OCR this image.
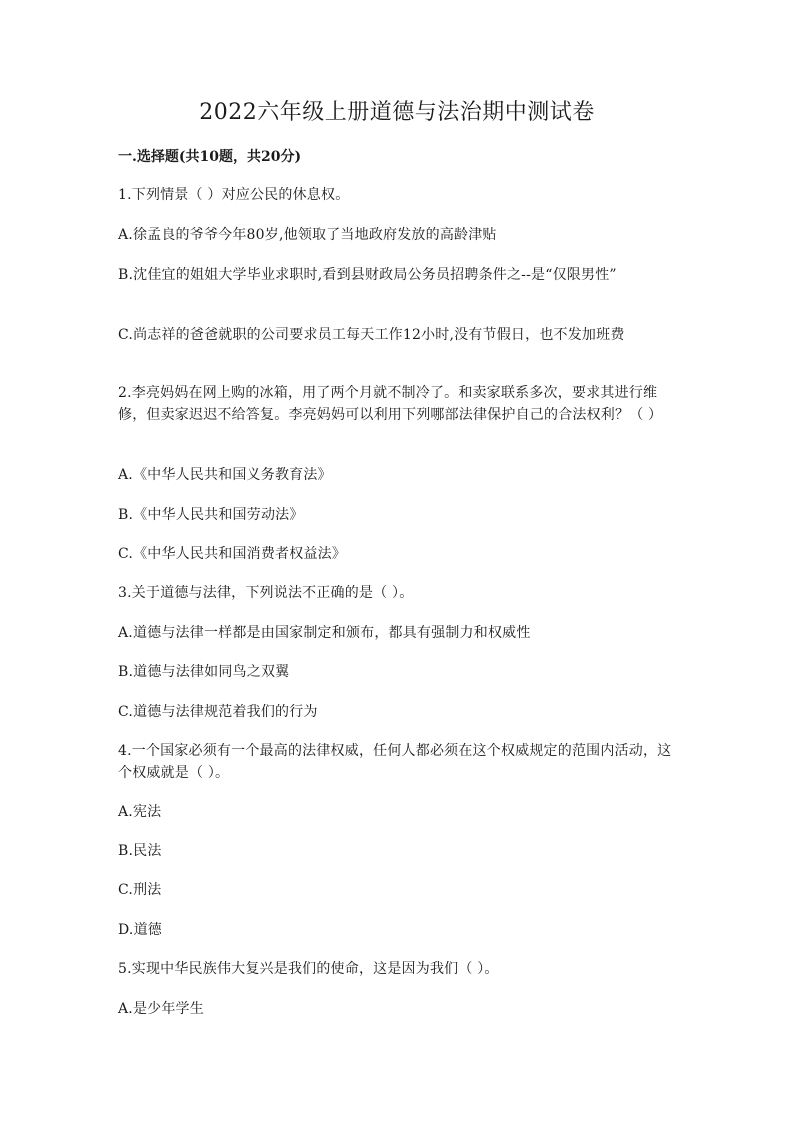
2022六年级上册道德与法治期中测试卷
一.选择题(共10题，共20分)
1.下列情景（ ）对应公民的休息权。
A.徐孟良的爷爷今年80岁,他领取了当地政府发放的高龄津贴
B.沈佳宜的姐姐大学毕业求职时,看到县财政局公务员招聘条件之--是“仅限男性”
C.尚志祥的爸爸就职的公司要求员工每天工作12小时,没有节假日，也不发加班费
2.李亮妈妈在网上购的冰箱，用了两个月就不制冷了。和卖家联系多次，要求其进行维修，但卖家迟迟不给答复。李亮妈妈可以利用下列哪部法律保护自己的合法权利？（ ）
A.《中华人民共和国义务教育法》
B.《中华人民共和国劳动法》
C.《中华人民共和国消费者权益法》
3.关于道德与法律，下列说法不正确的是（ ）。
A.道德与法律一样都是由国家制定和颁布，都具有强制力和权威性
B.道德与法律如同鸟之双翼
C.道德与法律规范着我们的行为
4.一个国家必须有一个最高的法律权威，任何人都必须在这个权威规定的范围内活动，这个权威就是（ ）。
A.宪法
B.民法
C.刑法
D.道德
5.实现中华民族伟大复兴是我们的使命，这是因为我们（ ）。
A.是少年学生
